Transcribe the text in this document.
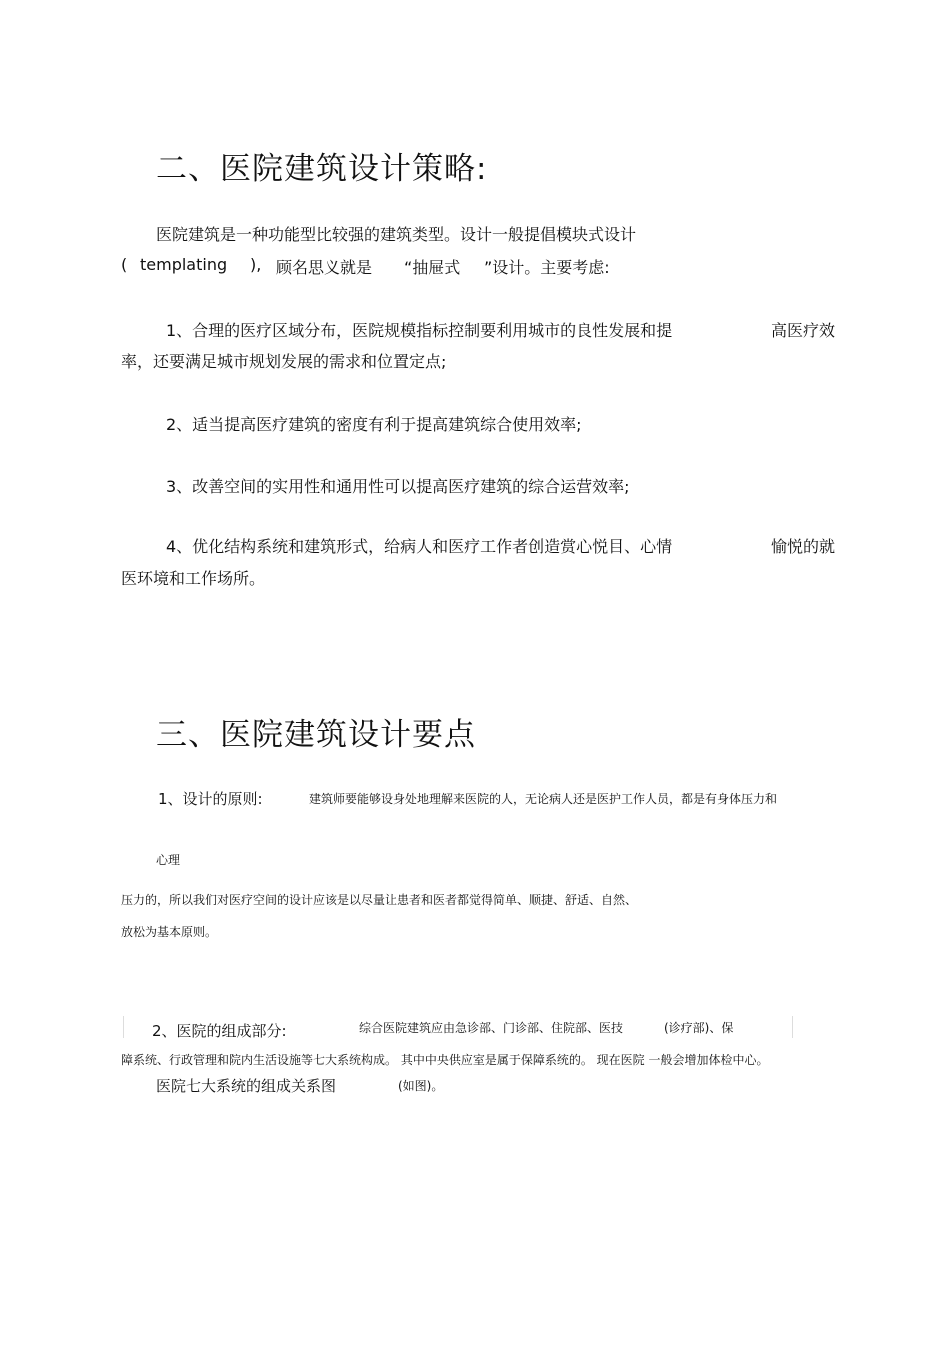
二、医院建筑设计策略:
医院建筑是一种功能型比较强的建筑类型。设计一般提倡模块式设计
( templating ), 顾名思义就是 “抽屉式 ”设计。主要考虑:
1、合理的医疗区域分布，医院规模指标控制要利用城市的良性发展和提	高医疗效
率，还要满足城市规划发展的需求和位置定点;
2、适当提高医疗建筑的密度有利于提高建筑综合使用效率;
3、改善空间的实用性和通用性可以提高医疗建筑的综合运营效率;
4、优化结构系统和建筑形式，给病人和医疗工作者创造赏心悦目、心情	愉悦的就
医环境和工作场所。
三、医院建筑设计要点
1、设计的原则:	建筑师要能够设身处地理解来医院的人，无论病人还是医护工作人员，都是有身体压力和
心理
压力的，所以我们对医疗空间的设计应该是以尽量让患者和医者都觉得简单、顺捷、舒适、自然、
放松为基本原则。
2、医院的组成部分:	综合医院建筑应由急诊部、门诊部、住院部、医技	(诊疗部)、保
障系统、行政管理和院内生活设施等七大系统构成。 其中中央供应室是属于保障系统的。 现在医院 一般会增加体检中心。
医院七大系统的组成关系图	(如图)。
